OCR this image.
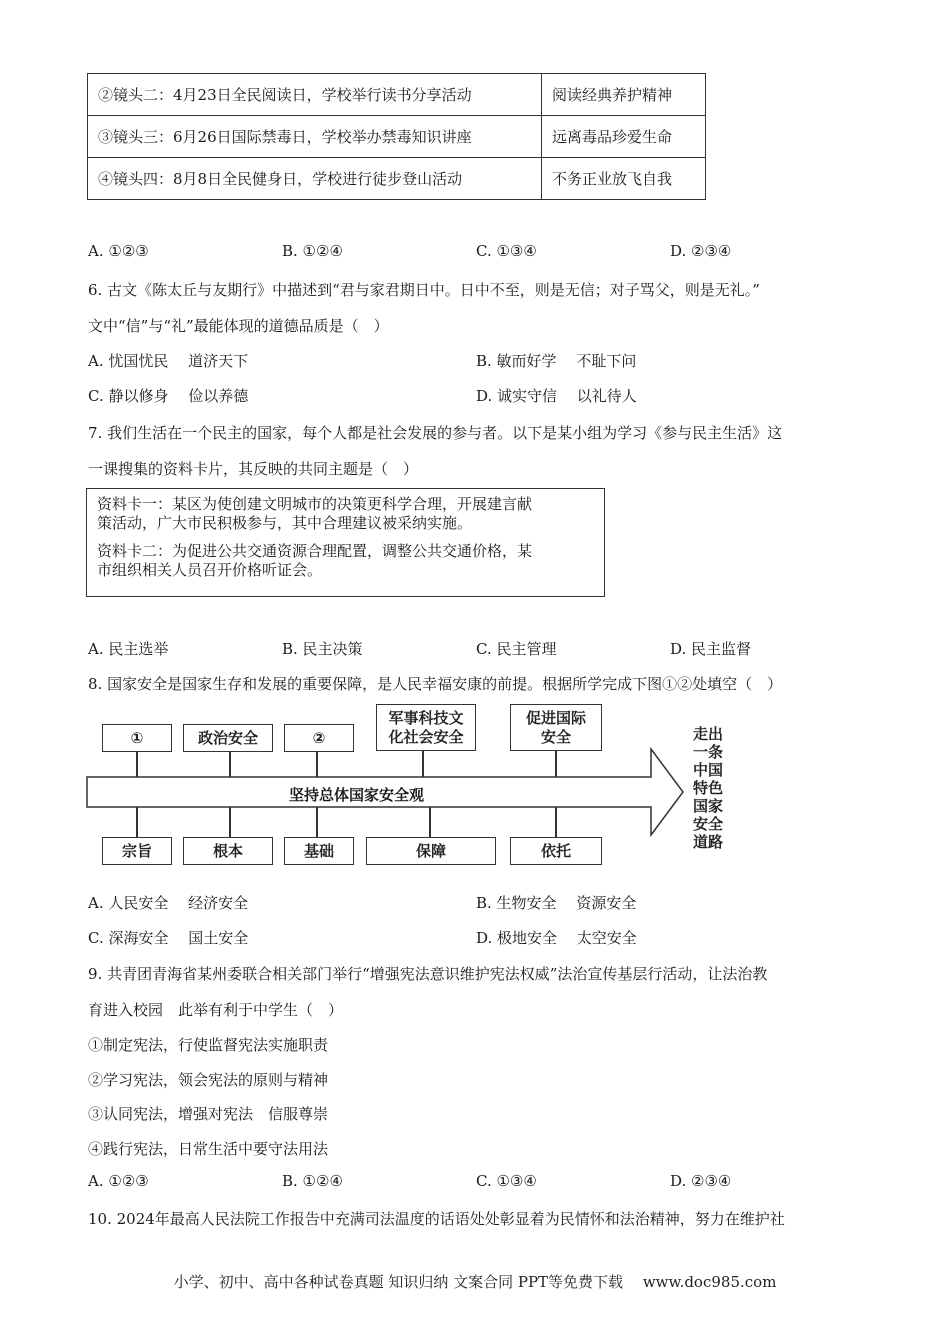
②镜头二：4月23日全民阅读日，学校举行读书分享活动	阅读经典养护精神
③镜头三：6月26日国际禁毒日，学校举办禁毒知识讲座	远离毒品珍爱生命
④镜头四：8月8日全民健身日，学校进行徒步登山活动	不务正业放飞自我
A. ①②③	B. ①②④	C. ①③④	D. ②③④
6. 古文《陈太丘与友期行》中描述到“君与家君期日中。日中不至，则是无信；对子骂父，则是无礼。”
文中“信”与“礼”最能体现的道德品质是（　）
A. 忧国忧民　 道济天下	B. 敏而好学　 不耻下问
C. 静以修身　 俭以养德	D. 诚实守信　 以礼待人
7. 我们生活在一个民主的国家，每个人都是社会发展的参与者。以下是某小组为学习《参与民主生活》这
一课搜集的资料卡片，其反映的共同主题是（　）

资料卡一：某区为使创建文明城市的决策更科学合理，开展建言献

策活动，广大市民积极参与，其中合理建议被采纳实施。

资料卡二：为促进公共交通资源合理配置，调整公共交通价格，某

市组织相关人员召开价格听证会。

A. 民主选举	B. 民主决策	C. 民主管理	D. 民主监督
8. 国家安全是国家生存和发展的重要保障，是人民幸福安康的前提。根据所学完成下图①②处填空（　）
坚持总体国家安全观
①	政治安全	②
军事科技文
化社会安全
促进国际
安全
宗旨	根本	基础	保障	依托
走出
一条
中国
特色
国家
安全
道路
A. 人民安全　 经济安全	B. 生物安全　 资源安全
C. 深海安全　 国土安全	D. 极地安全　 太空安全
9. 共青团青海省某州委联合相关部门举行“增强宪法意识维护宪法权威”法治宣传基层行活动，让法治教
育进入校园　此举有利于中学生（　）
①制定宪法，行使监督宪法实施职责
②学习宪法，领会宪法的原则与精神
③认同宪法，增强对宪法　信服尊崇
④践行宪法，日常生活中要守法用法
A. ①②③	B. ①②④	C. ①③④	D. ②③④
10. 2024年最高人民法院工作报告中充满司法温度的话语处处彰显着为民情怀和法治精神，努力在维护社
小学、初中、高中各种试卷真题 知识归纳 文案合同 PPT等免费下载　 www.doc985.com
